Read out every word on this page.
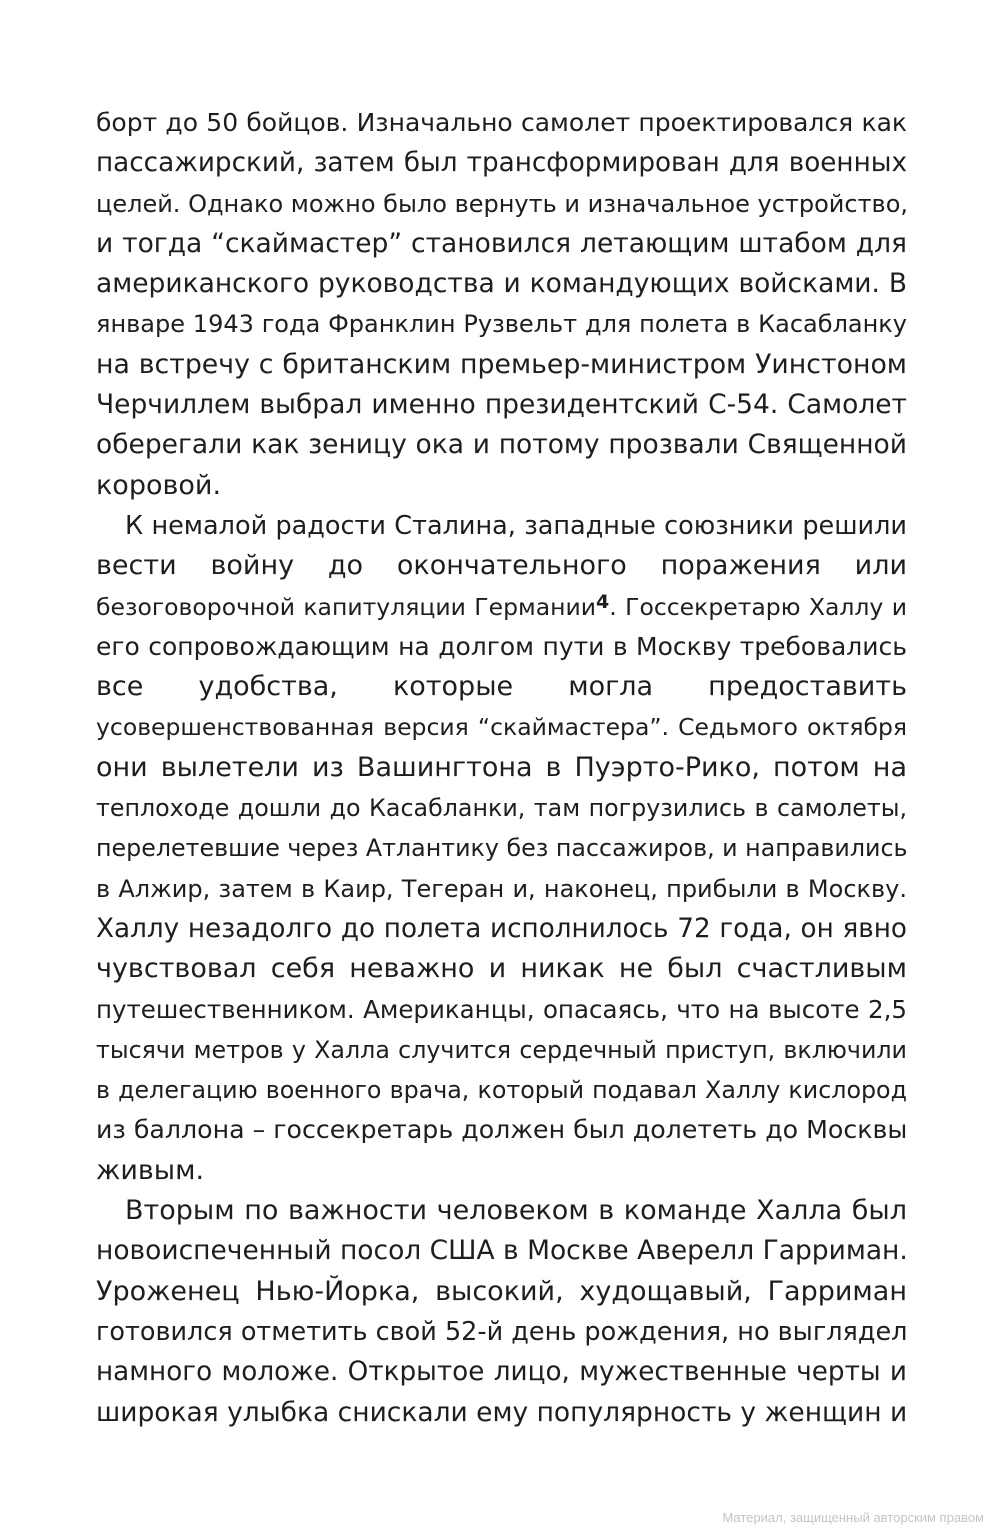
борт до 50 бойцов. Изначально самолет проектировался как
пассажирский, затем был трансформирован для военных
целей. Однако можно было вернуть и изначальное устройство,
и тогда “скаймастер” становился летающим штабом для
американского руководства и командующих войсками. В
январе 1943 года Франклин Рузвельт для полета в Касабланку
на встречу с британским премьер-министром Уинстоном
Черчиллем выбрал именно президентский С-54. Самолет
оберегали как зеницу ока и потому прозвали Священной
коровой.
К немалой радости Сталина, западные союзники решили
вести войну до окончательного поражения или
безоговорочной капитуляции Германии$^4$. Госсекретарю Халлу и
его сопровождающим на долгом пути в Москву требовались
все удобства, которые могла предоставить
усовершенствованная версия “скаймастера”. Седьмого октября
они вылетели из Вашингтона в Пуэрто-Рико, потом на
теплоходе дошли до Касабланки, там погрузились в самолеты,
перелетевшие через Атлантику без пассажиров, и направились
в Алжир, затем в Каир, Тегеран и, наконец, прибыли в Москву.
Халлу незадолго до полета исполнилось 72 года, он явно
чувствовал себя неважно и никак не был счастливым
путешественником. Американцы, опасаясь, что на высоте 2,5
тысячи метров у Халла случится сердечный приступ, включили
в делегацию военного врача, который подавал Халлу кислород
из баллона – госсекретарь должен был долететь до Москвы
живым.
Вторым по важности человеком в команде Халла был
новоиспеченный посол США в Москве Аверелл Гарриман.
Уроженец Нью-Йорка, высокий, худощавый, Гарриман
готовился отметить свой 52-й день рождения, но выглядел
намного моложе. Открытое лицо, мужественные черты и
широкая улыбка снискали ему популярность у женщин и
Материал, защищенный авторским правом
